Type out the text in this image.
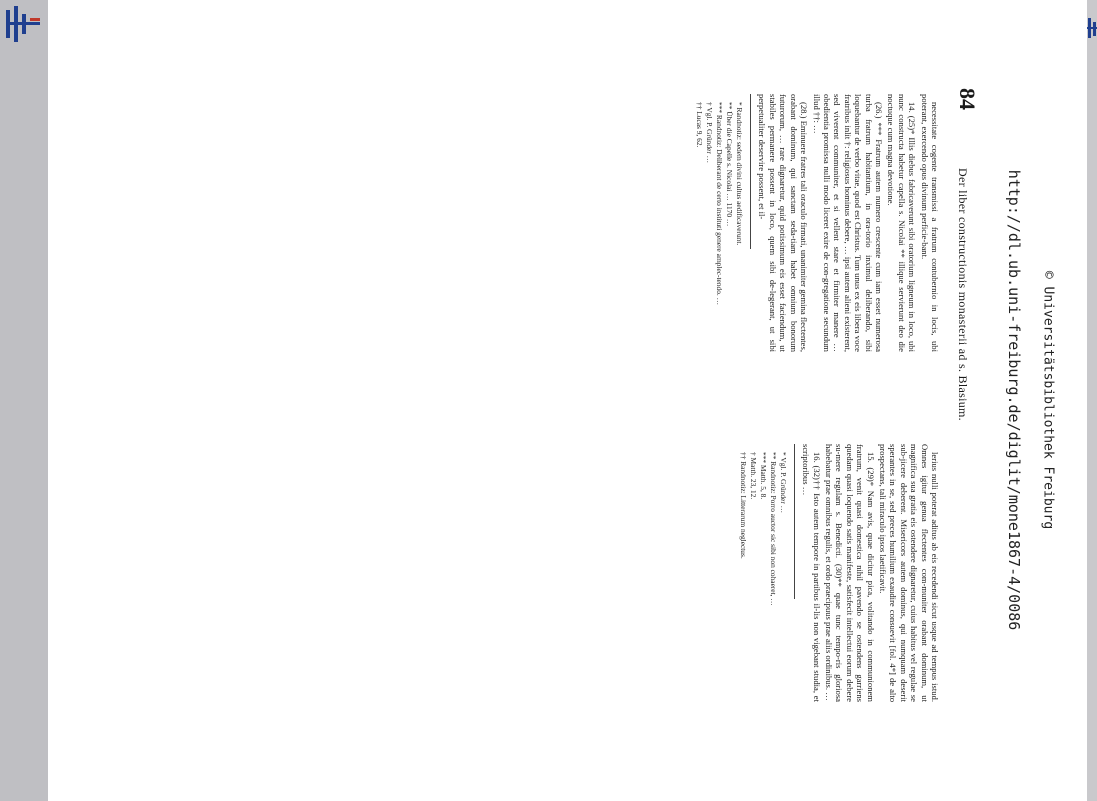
http://dl.ub.uni-freiburg.de/diglit/mone1867-4/0086 © Universitätsbibliothek Freiburg
84
Der liber constructionis monasterii ad s. Blasium.

necessitate cogente transmissi a fratrum contubernio in locis, ubi poterant, exercendo opus divinum perficie-bant.

14. (25)* Illis diebus fabricaverunt sibi oratorium ligneum in loco, ubi nunc constructa habetur capella s. Nicolai ** illique servierunt deo die noctuque cum magna devotione.

(26.) *** Fratrum autem numero crescente cum iam esset numerosa turba fratrum habitantium, in ora-torio inximul deliberando, sibi loquebantur de verbo vitae, quod est Christus. Tum unus ex eis libera voce fratribus inlit †: religiosus hominus debere, … ipsi autem alieni existerent, sed viverent communiter, et si vellent stare et firmiter manere … obedientia promissa nulli modo liceret exire de con-gregatione secundum illud ††: …

(28.) Eminuere fratres tali oraculo firmati, unanimiter gemina flectentes, orabant dominum, qui sanctam seda-tiam habet omnium bonorum futurorum, … rare dignaretur, quid potissimum eis esset faciendum, ut stabiles permanere possent in loco, quem sibi de-legerant, ut sibi perpetualiter deservire possent, et il-

* Randnotiz: sedem divini cultus aedificaverunt.

** Über die Capelle s. Nicolai … 1170 …

*** Randnotiz: Deliberant de certo instituti genere amplec-tendo. …

† Vgl. P. Gründer …

†† Lucas 9, 62.

lerius nulli poterat aditus ab eis recedendi sicut usque ad tempus istud. Omnes igitur genua flectentes com-muniter orabant dominum, ut magnifica sua gratia eis ostendere dignaretur, cuius habitus vel regulae se sub-jicere deberent. Misericors autem dominus, qui numquam deserit sperantes in se, sed preces humilium exaudire consuevit [fol. 4*] de alto prospectans, tali miraculo ipsos laetificavit.

15. (29)* Nam avis, quae dicitur pica, volitando in communionem fratrum, venit quasi domestica nihil pavendo se ostendens garriens quedam quasi loquendo satis manifeste, satisfecit intellectui eorum debere su-mere regulam s. Benedicti. (30)** quae tunc tempo-ris gloriosa habebatur prae omnibus regulis, et ordo praecipuus prae aliis ordinibus. …

16. (32)†† Isto autem tempore in partibus il-lis non vigebant studia, et scriptoribus …

* Vgl. P. Gründer …

** Randnotiz: Porro auctor sic sibi non cohaeret, …

*** Matth. 5, 8.

† Matth. 23, 12.

†† Randnotiz: Litterarum neglectus.
